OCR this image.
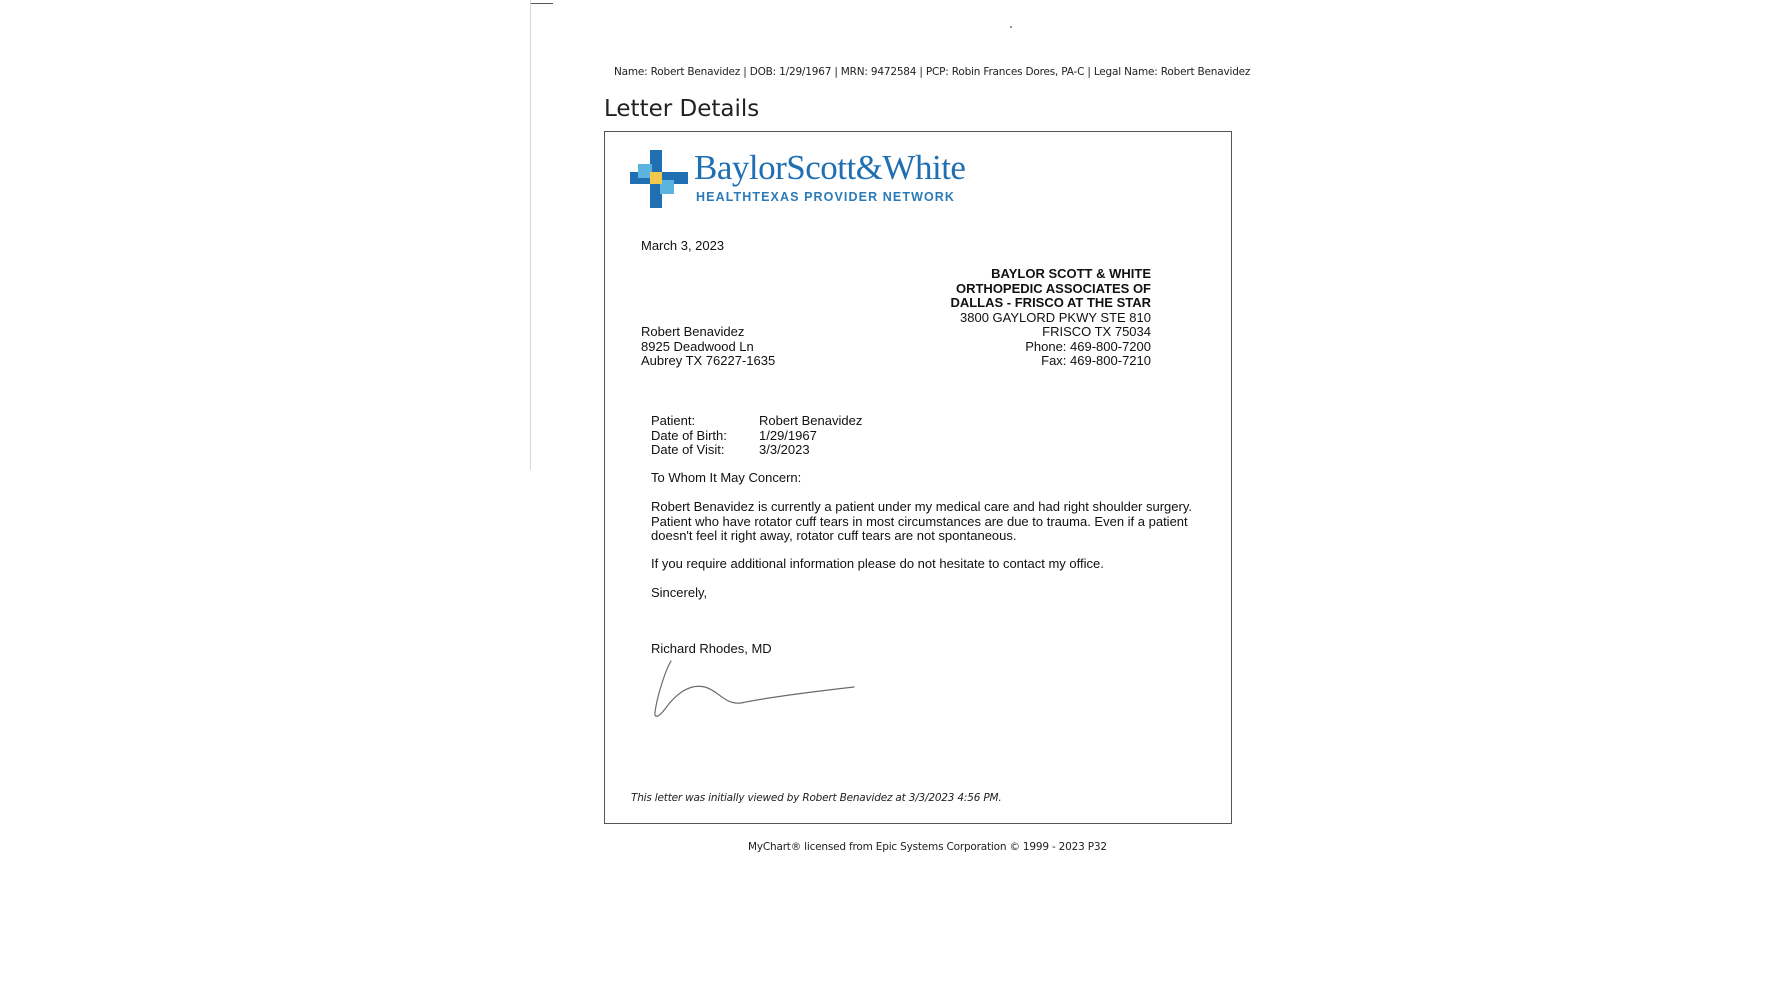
Name: Robert Benavidez | DOB: 1/29/1967 | MRN: 9472584 | PCP: Robin Frances Dores, PA-C | Legal Name: Robert Benavidez
Letter Details
BaylorScott&White
HEALTHTEXAS PROVIDER NETWORK
March 3, 2023
BAYLOR SCOTT & WHITE
ORTHOPEDIC ASSOCIATES OF
DALLAS - FRISCO AT THE STAR
3800 GAYLORD PKWY STE 810
FRISCO TX 75034
Phone: 469-800-7200
Fax: 469-800-7210
Robert Benavidez
8925 Deadwood Ln
Aubrey TX 76227-1635
Patient:	Robert Benavidez
Date of Birth:	1/29/1967
Date of Visit:	3/3/2023
To Whom It May Concern:
Robert Benavidez is currently a patient under my medical care and had right shoulder surgery.
Patient who have rotator cuff tears in most circumstances are due to trauma. Even if a patient
doesn't feel it right away, rotator cuff tears are not spontaneous.
If you require additional information please do not hesitate to contact my office.
Sincerely,
Richard Rhodes, MD
This letter was initially viewed by Robert Benavidez at 3/3/2023 4:56 PM.
MyChart® licensed from Epic Systems Corporation © 1999 - 2023 P32
